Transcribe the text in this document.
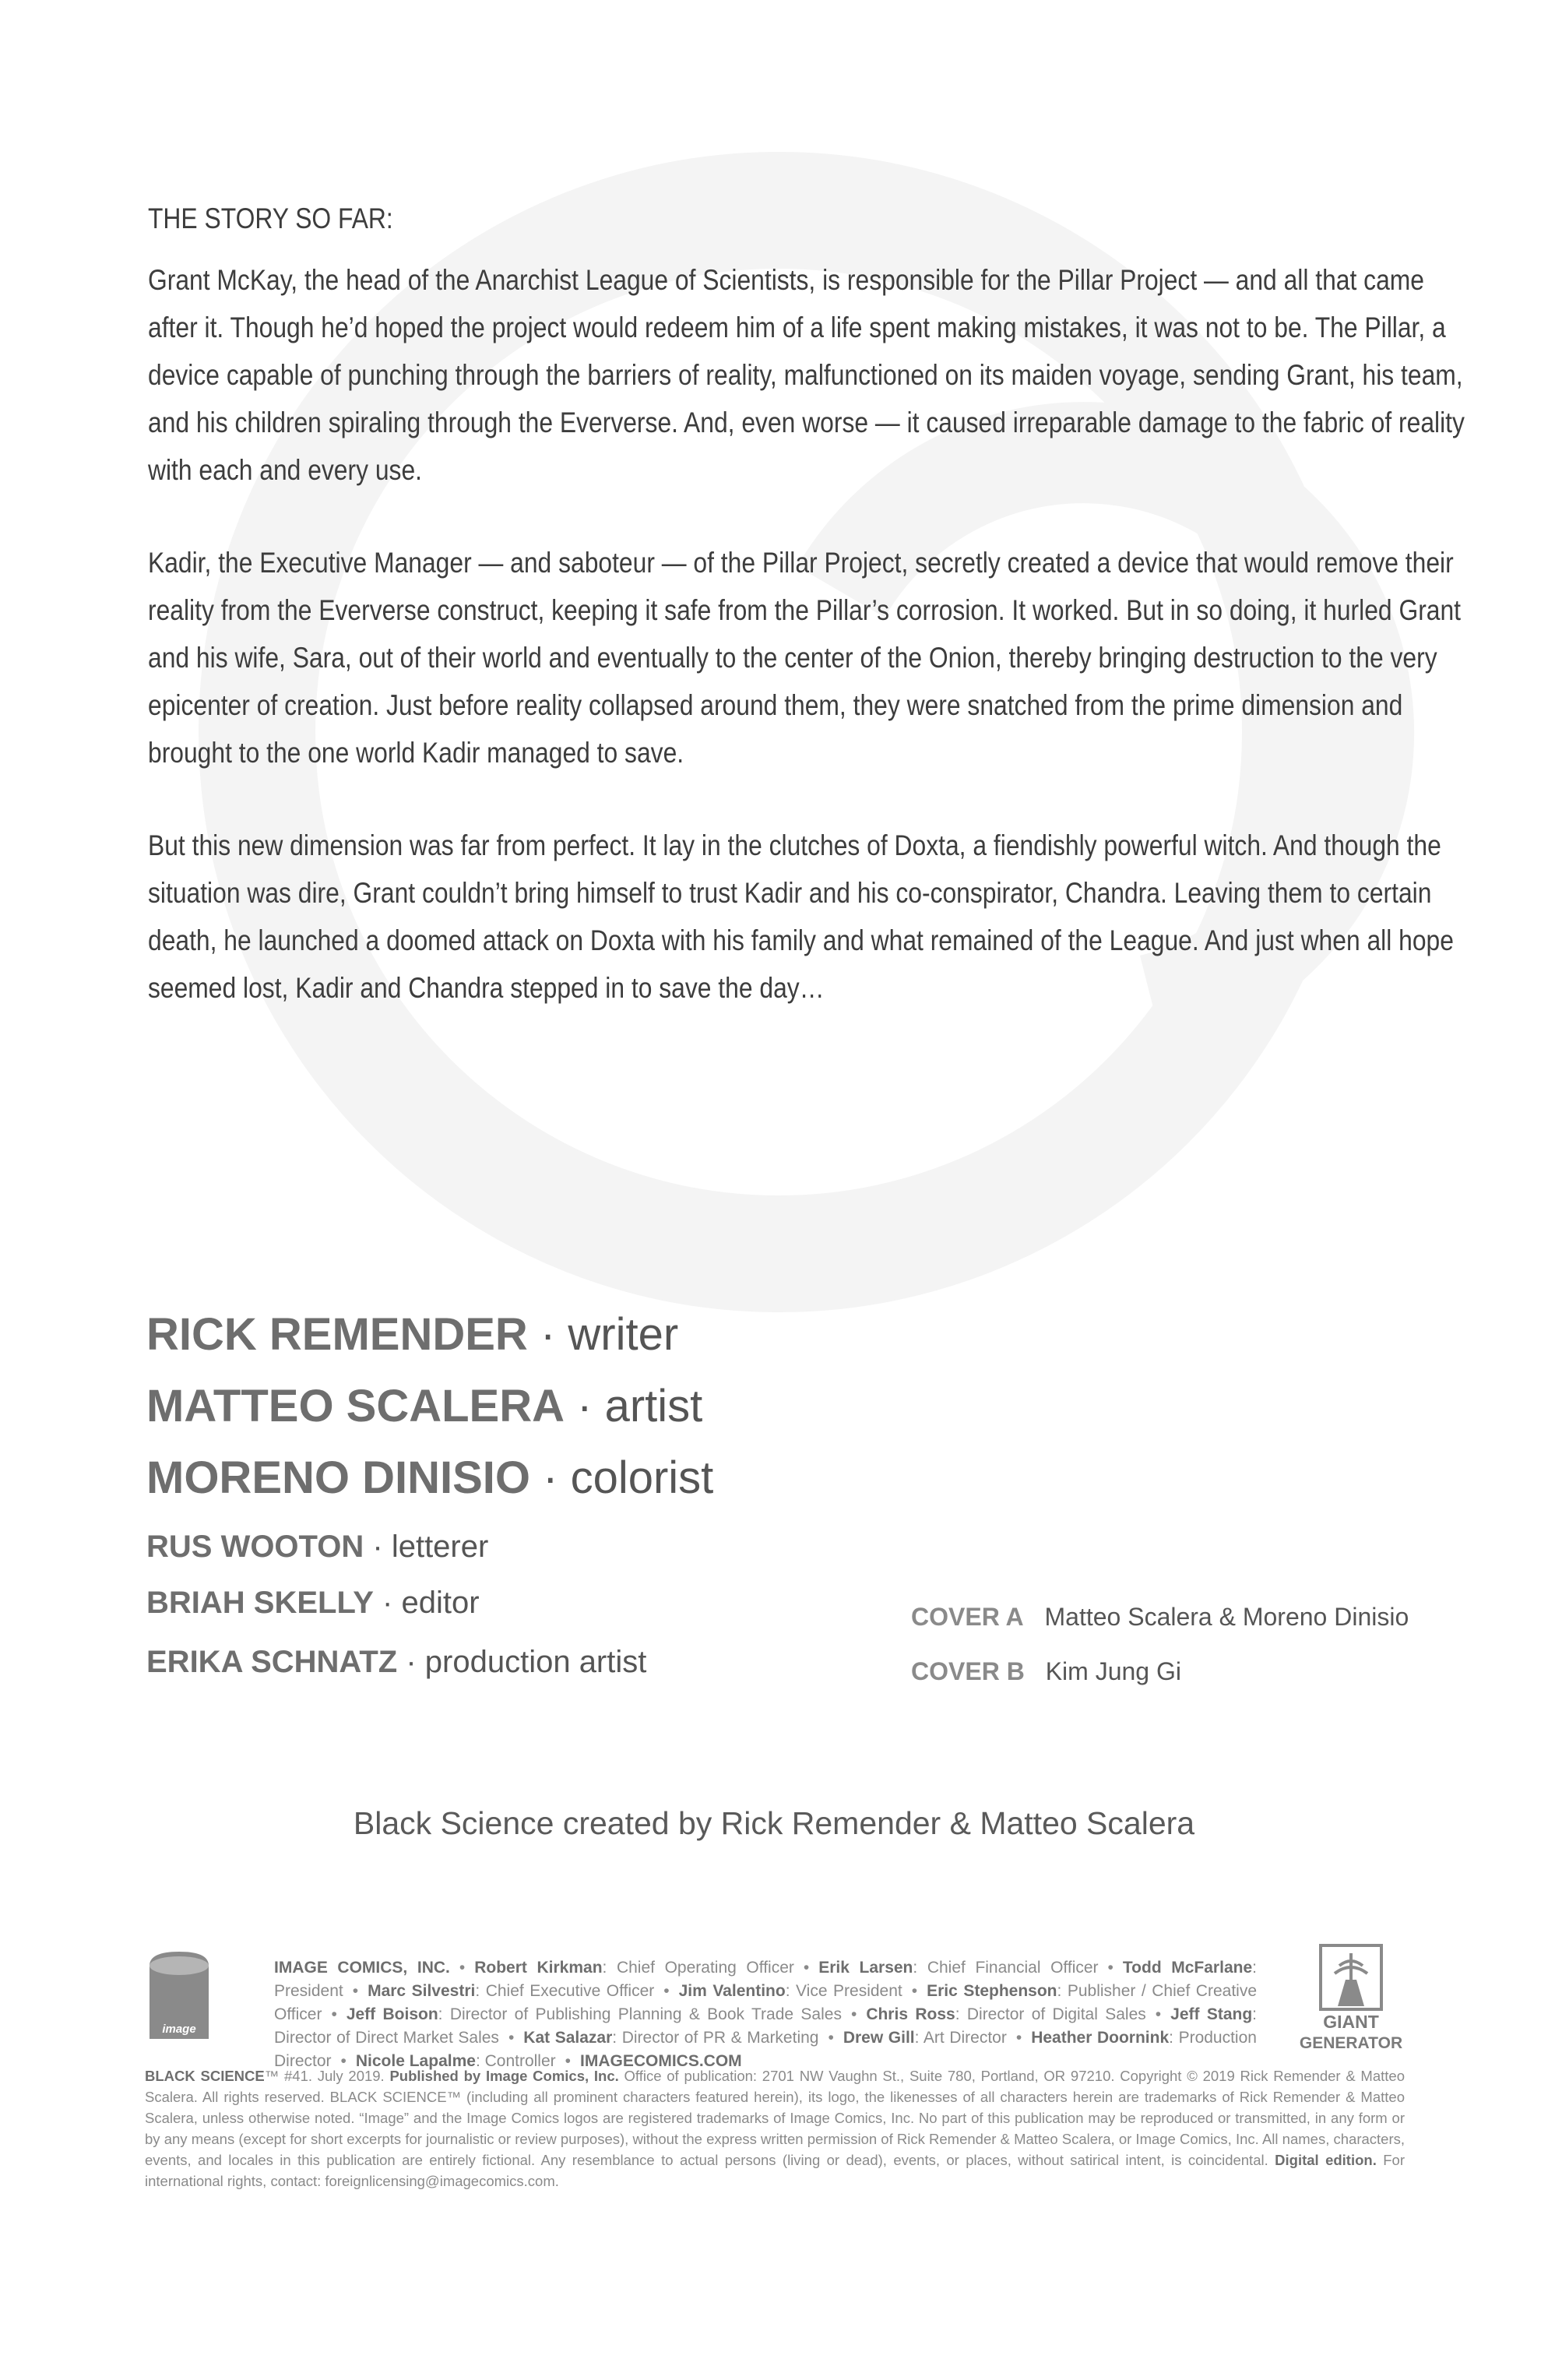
THE STORY SO FAR:

Grant McKay, the head of the Anarchist League of Scientists, is responsible for the Pillar Project — and all that came after it. Though he’d hoped the project would redeem him of a life spent making mistakes, it was not to be. The Pillar, a device capable of punching through the barriers of reality, malfunctioned on its maiden voyage, sending Grant, his team, and his children spiraling through the Eververse. And, even worse — it caused irreparable damage to the fabric of reality with each and every use.

Kadir, the Executive Manager — and saboteur — of the Pillar Project, secretly created a device that would remove their reality from the Eververse construct, keeping it safe from the Pillar’s corrosion. It worked. But in so doing, it hurled Grant and his wife, Sara, out of their world and eventually to the center of the Onion, thereby bringing destruction to the very epicenter of creation. Just before reality collapsed around them, they were snatched from the prime dimension and brought to the one world Kadir managed to save.

But this new dimension was far from perfect. It lay in the clutches of Doxta, a fiendishly powerful witch. And though the situation was dire, Grant couldn’t bring himself to trust Kadir and his co-conspirator, Chandra. Leaving them to certain death, he launched a doomed attack on Doxta with his family and what remained of the League. And just when all hope seemed lost, Kadir and Chandra stepped in to save the day…

RICK REMENDER · writer
MATTEO SCALERA · artist
MORENO DINISIO · colorist
RUS WOOTON · letterer
BRIAH SKELLY · editor
ERIKA SCHNATZ · production artist
COVER A Matteo Scalera & Moreno Dinisio
COVER B Kim Jung Gi
Black Science created by Rick Remender & Matteo Scalera
image
IMAGE COMICS, INC. • Robert Kirkman: Chief Operating Officer • Erik Larsen: Chief Financial Officer • Todd McFarlane: President • Marc Silvestri: Chief Executive Officer • Jim Valentino: Vice President • Eric Stephenson: Publisher / Chief Creative Officer • Jeff Boison: Director of Publishing Planning & Book Trade Sales • Chris Ross: Director of Digital Sales • Jeff Stang: Director of Direct Market Sales • Kat Salazar: Director of PR & Marketing • Drew Gill: Art Director • Heather Doornink: Production Director • Nicole Lapalme: Controller • IMAGECOMICS.COM
GIANT
GENERATOR
BLACK SCIENCE™ #41. July 2019. Published by Image Comics, Inc. Office of publication: 2701 NW Vaughn St., Suite 780, Portland, OR 97210. Copyright © 2019 Rick Remender & Matteo Scalera. All rights reserved. BLACK SCIENCE™ (including all prominent characters featured herein), its logo, the likenesses of all characters herein are trademarks of Rick Remender & Matteo Scalera, unless otherwise noted. “Image” and the Image Comics logos are registered trademarks of Image Comics, Inc. No part of this publication may be reproduced or transmitted, in any form or by any means (except for short excerpts for journalistic or review purposes), without the express written permission of Rick Remender & Matteo Scalera, or Image Comics, Inc. All names, characters, events, and locales in this publication are entirely fictional. Any resemblance to actual persons (living or dead), events, or places, without satirical intent, is coincidental. Digital edition. For international rights, contact: foreignlicensing@imagecomics.com.
